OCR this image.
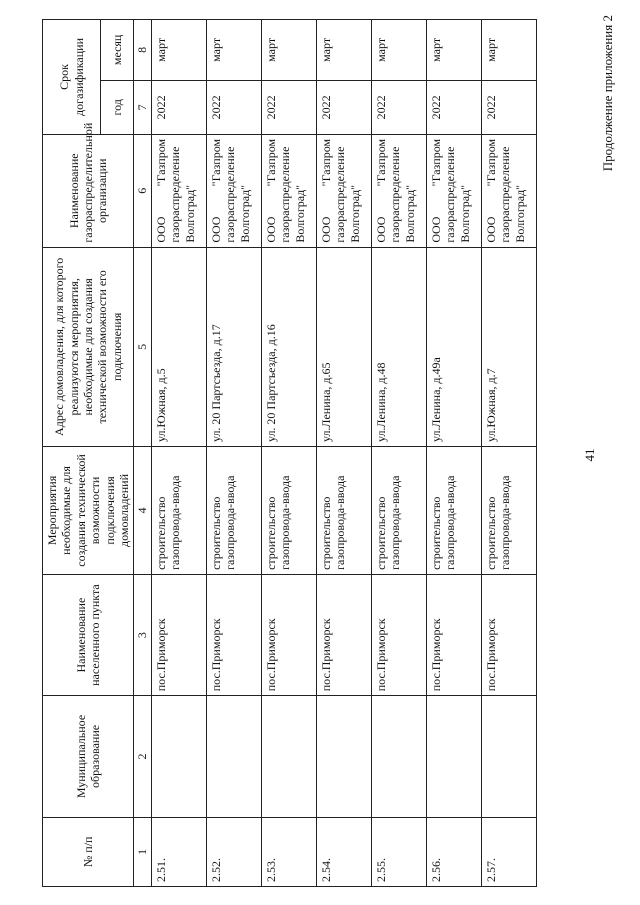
41
Продолжение приложения 2
№ п/п	Муниципальное образование	Наименование населенного пункта	Мероприятия необходимые для создания технической возможности подключения домовладений	Адрес домовладения, для которого реализуются мероприятия, необходимые для создания технической возможности его подключения	Наименование газораспределительной организации	Срок догазификации	
						год	месяц
1	2	3	4	5	6	7	8
2.51.		пос.Приморск	строительство газопровода-ввода	ул.Южная, д.5	ООО "Газпром газораспределение Волгоград"	2022	март
2.52.		пос.Приморск	строительство газопровода-ввода	ул. 20 Партсъезда, д.17	ООО "Газпром газораспределение Волгоград"	2022	март
2.53.		пос.Приморск	строительство газопровода-ввода	ул. 20 Партсъезда, д.16	ООО "Газпром газораспределение Волгоград"	2022	март
2.54.		пос.Приморск	строительство газопровода-ввода	ул.Ленина, д.65	ООО "Газпром газораспределение Волгоград"	2022	март
2.55.		пос.Приморск	строительство газопровода-ввода	ул.Ленина, д.48	ООО "Газпром газораспределение Волгоград"	2022	март
2.56.		пос.Приморск	строительство газопровода-ввода	ул.Ленина, д.49а	ООО "Газпром газораспределение Волгоград"	2022	март
2.57.		пос.Приморск	строительство газопровода-ввода	ул.Южная, д.7	ООО "Газпром газораспределение Волгоград"	2022	март
